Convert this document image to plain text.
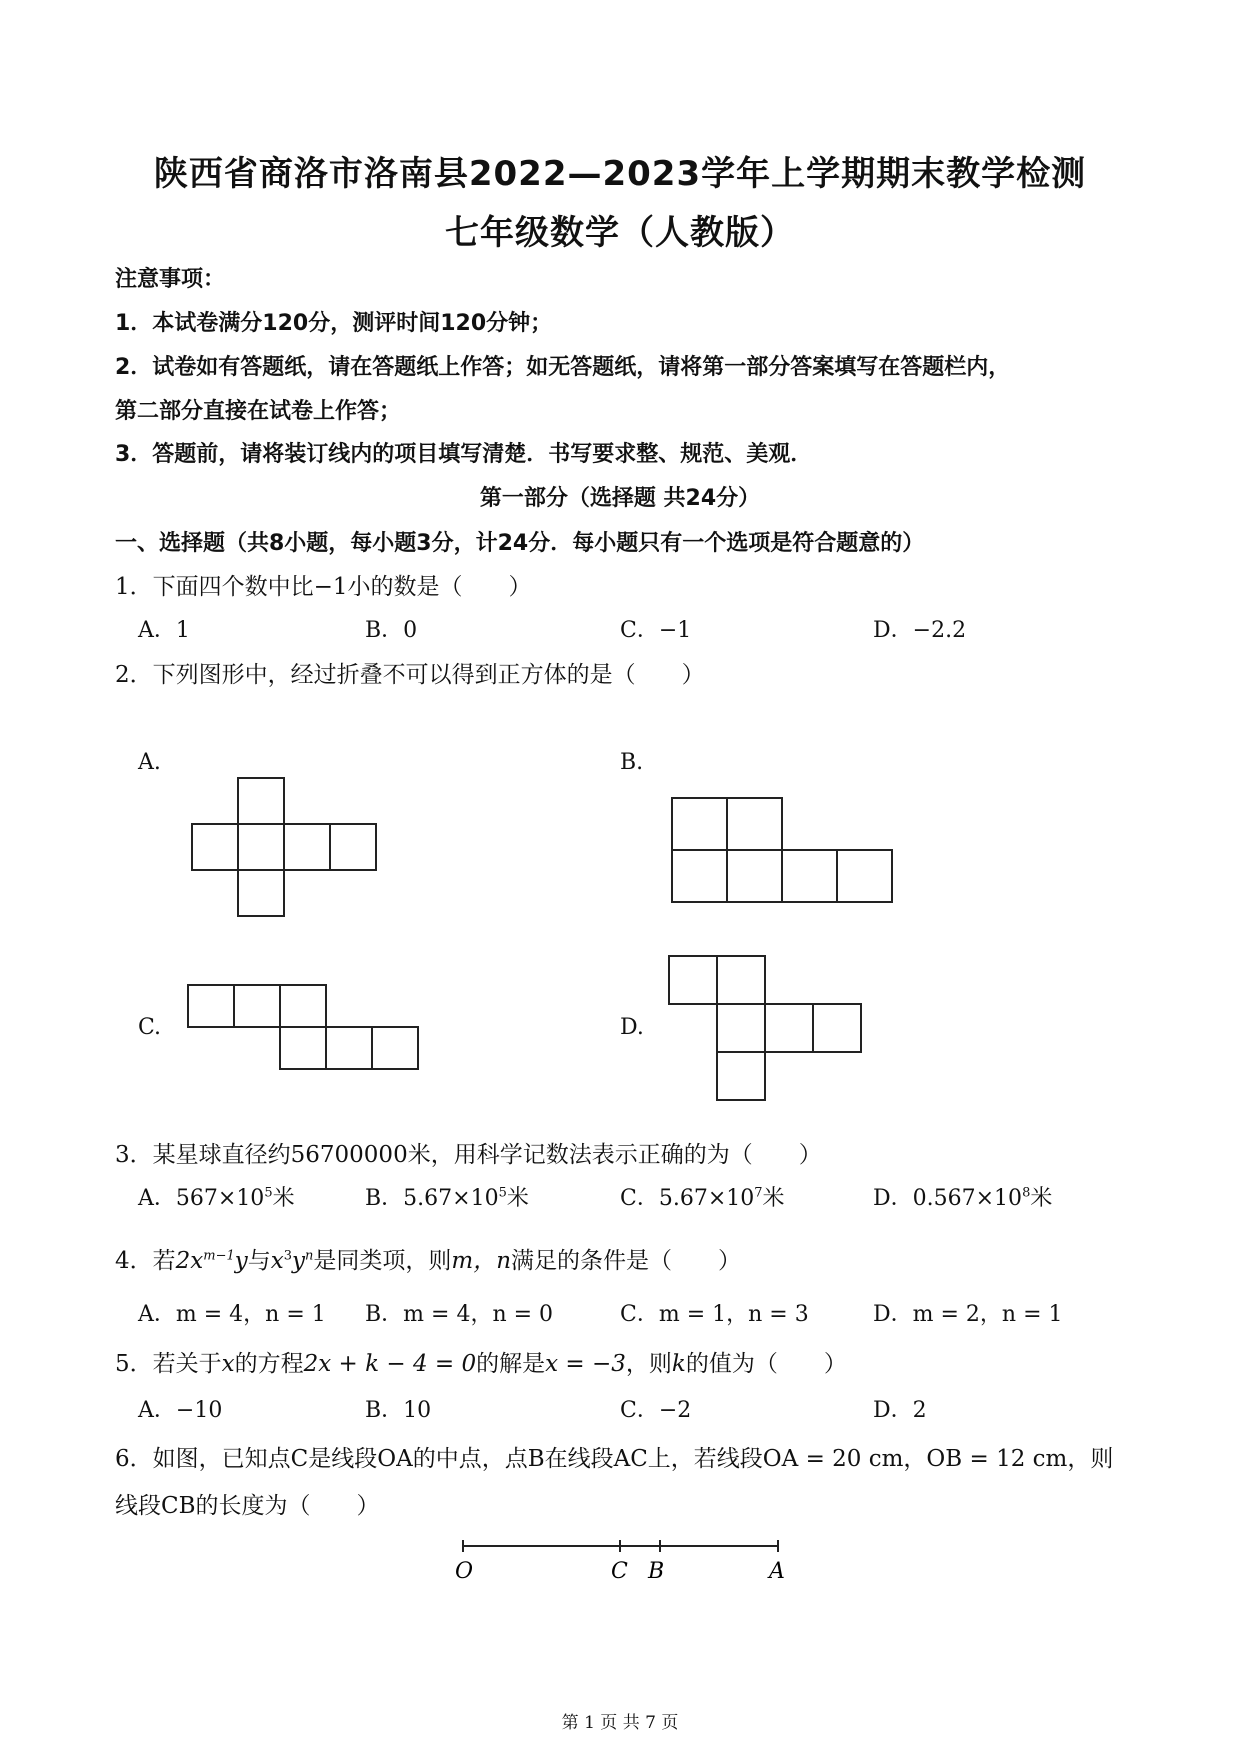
陕西省商洛市洛南县2022—2023学年上学期期末教学检测
七年级数学（人教版）
注意事项：
1．本试卷满分120分，测评时间120分钟；
2．试卷如有答题纸，请在答题纸上作答；如无答题纸，请将第一部分答案填写在答题栏内，
第二部分直接在试卷上作答；
3．答题前，请将装订线内的项目填写清楚．书写要求整、规范、美观．
第一部分（选择题 共24分）
一、选择题（共8小题，每小题3分，计24分．每小题只有一个选项是符合题意的）
1．下面四个数中比−1小的数是（　　）
A．1	B．0	C．−1	D．−2.2
2．下列图形中，经过折叠不可以得到正方体的是（　　）
A.	B.
C.	D.
3．某星球直径约56700000米，用科学记数法表示正确的为（　　）
A．$567\times 10^5$米	B．$5.67\times 10^5$米	C．$5.67\times 10^7$米	D．$0.567\times 10^8$米
4．若$2x^{m-1}y$与$x^3y^n$是同类项，则m，n满足的条件是（　　）
A．m = 4，n = 1 B．m = 4，n = 0	C．m = 1，n = 3	D．m = 2，n = 1
5．若关于x的方程2x + k − 4 = 0的解是x = −3，则k的值为（　　）
A．−10	B．10	C．−2	D．2
6．如图，已知点C是线段OA的中点，点B在线段AC上，若线段OA = 20 cm，OB = 12 cm，则
线段CB的长度为（　　）
O	C B	A
第 1 页 共 7 页
